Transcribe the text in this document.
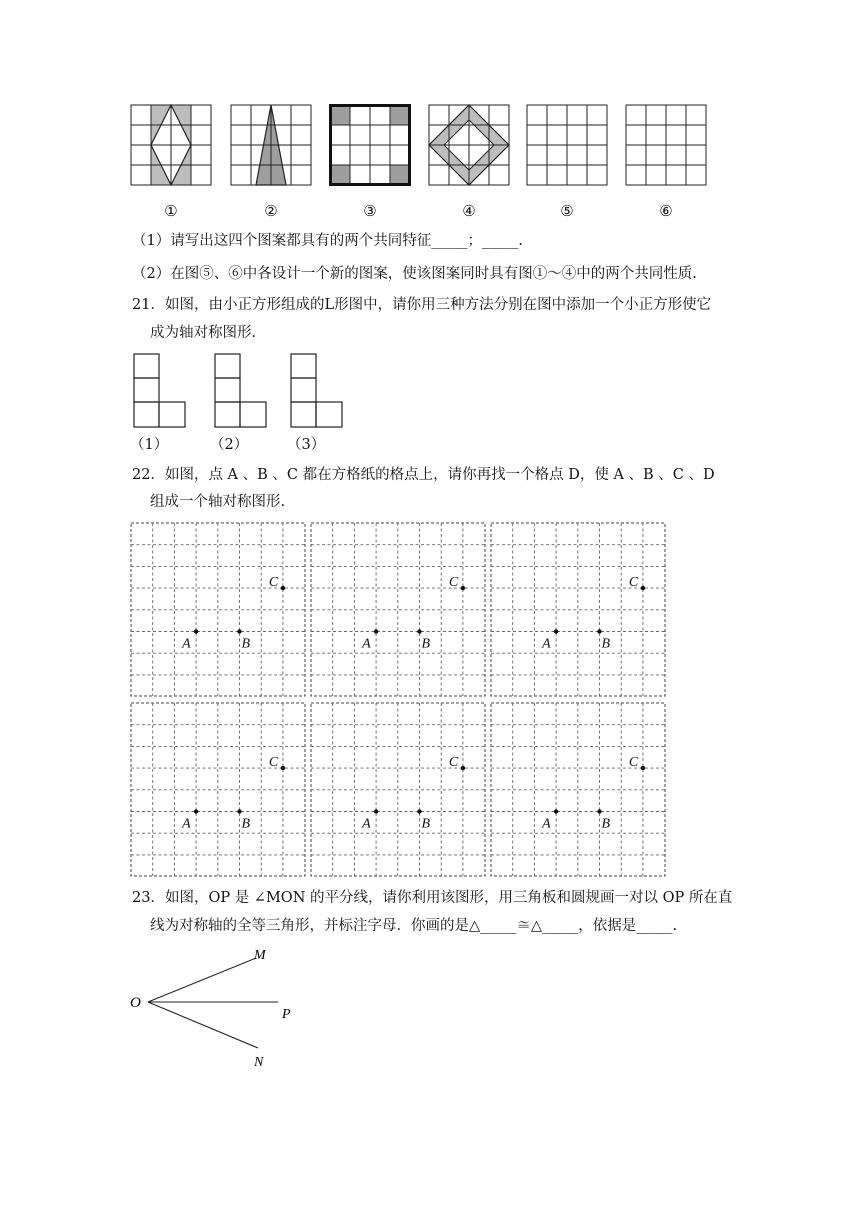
①	②	③	④	⑤	⑥
（1）请写出这四个图案都具有的两个共同特征_____；_____.
（2）在图⑤、⑥中各设计一个新的图案，使该图案同时具有图①～④中的两个共同性质.
21．如图，由小正方形组成的L形图中，请你用三种方法分别在图中添加一个小正方形使它
成为轴对称图形.
（1）	（2）	（3）
22．如图，点 A 、B 、C 都在方格纸的格点上，请你再找一个格点 D，使 A 、B 、C 、D
组成一个轴对称图形.
A	B
C
A	B
C
A	B
C
A	B
C
A	B
C
A	B
C
23．如图，OP 是 ∠MON 的平分线，请你利用该图形，用三角板和圆规画一对以 OP 所在直
线为对称轴的全等三角形，并标注字母．你画的是△_____≅△_____，依据是_____.
O
M
P
N
